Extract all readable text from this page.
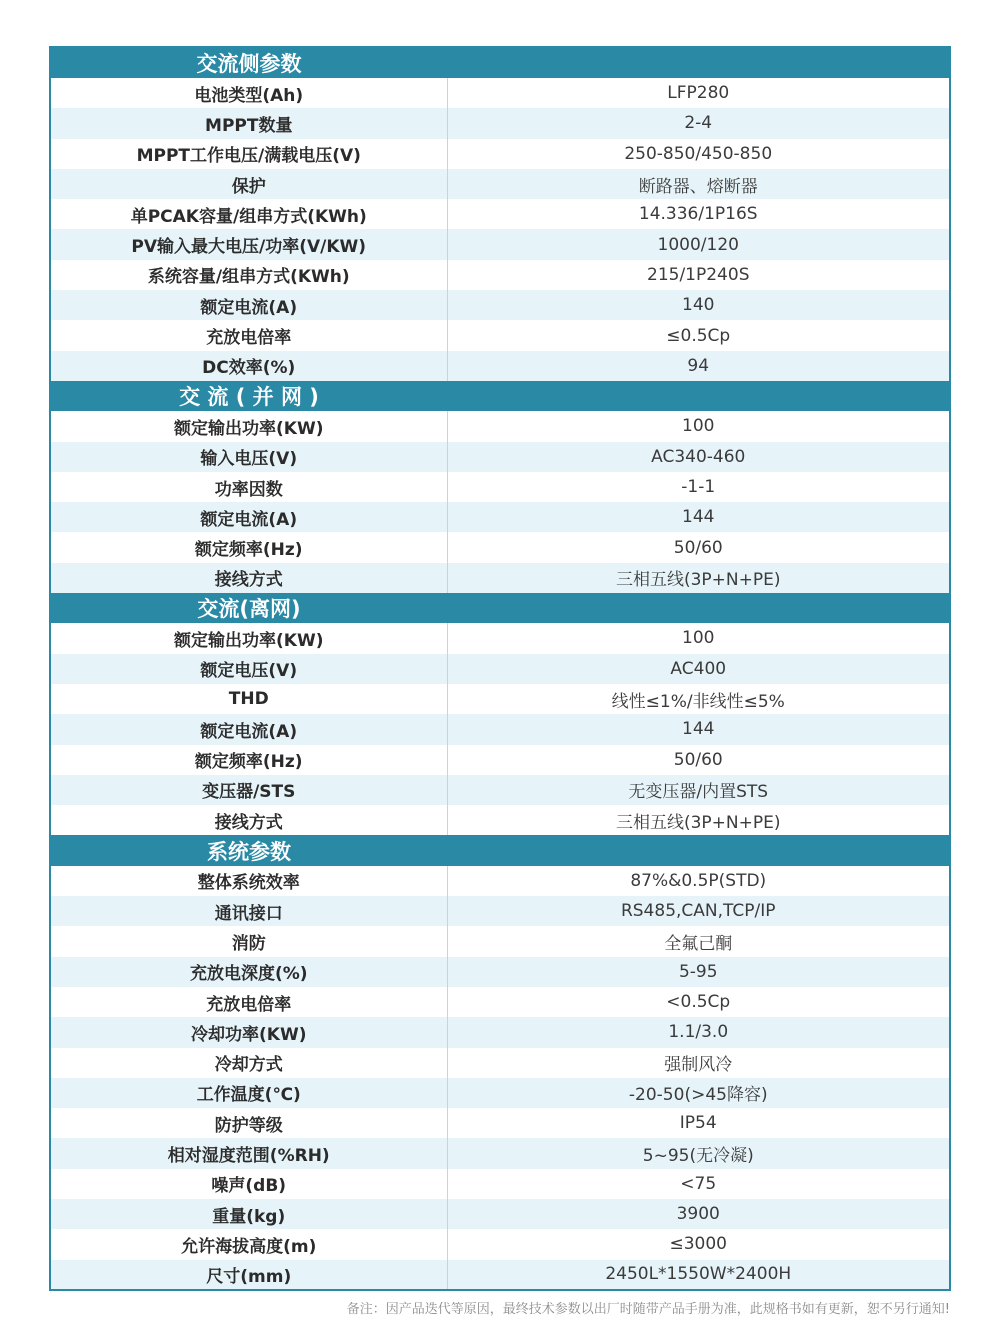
交流侧参数	
电池类型(Ah)	LFP280
MPPT数量	2-4
MPPT工作电压/满载电压(V)	250-850/450-850
保护	断路器、熔断器
单PCAK容量/组串方式(KWh)	14.336/1P16S
PV输入最大电压/功率(V/KW)	1000/120
系统容量/组串方式(KWh)	215/1P240S
额定电流(A)	140
充放电倍率	≤0.5Cp
DC效率(%)	94
交 流 ( 并 网 )	
额定输出功率(KW)	100
输入电压(V)	AC340-460
功率因数	-1-1
额定电流(A)	144
额定频率(Hz)	50/60
接线方式	三相五线(3P+N+PE)
交流(离网)	
额定输出功率(KW)	100
额定电压(V)	AC400
THD	线性≤1%/非线性≤5%
额定电流(A)	144
额定频率(Hz)	50/60
变压器/STS	无变压器/内置STS
接线方式	三相五线(3P+N+PE)
系统参数	
整体系统效率	87%&0.5P(STD)
通讯接口	RS485,CAN,TCP/IP
消防	全氟己酮
充放电深度(%)	5-95
充放电倍率	<0.5Cp
冷却功率(KW)	1.1/3.0
冷却方式	强制风冷
工作温度(℃)	-20-50(>45降容)
防护等级	IP54
相对湿度范围(%RH)	5~95(无冷凝)
噪声(dB)	<75
重量(kg)	3900
允许海拔高度(m)	≤3000
尺寸(mm)	2450L*1550W*2400H
备注：因产品迭代等原因，最终技术参数以出厂时随带产品手册为准，此规格书如有更新，恕不另行通知!
